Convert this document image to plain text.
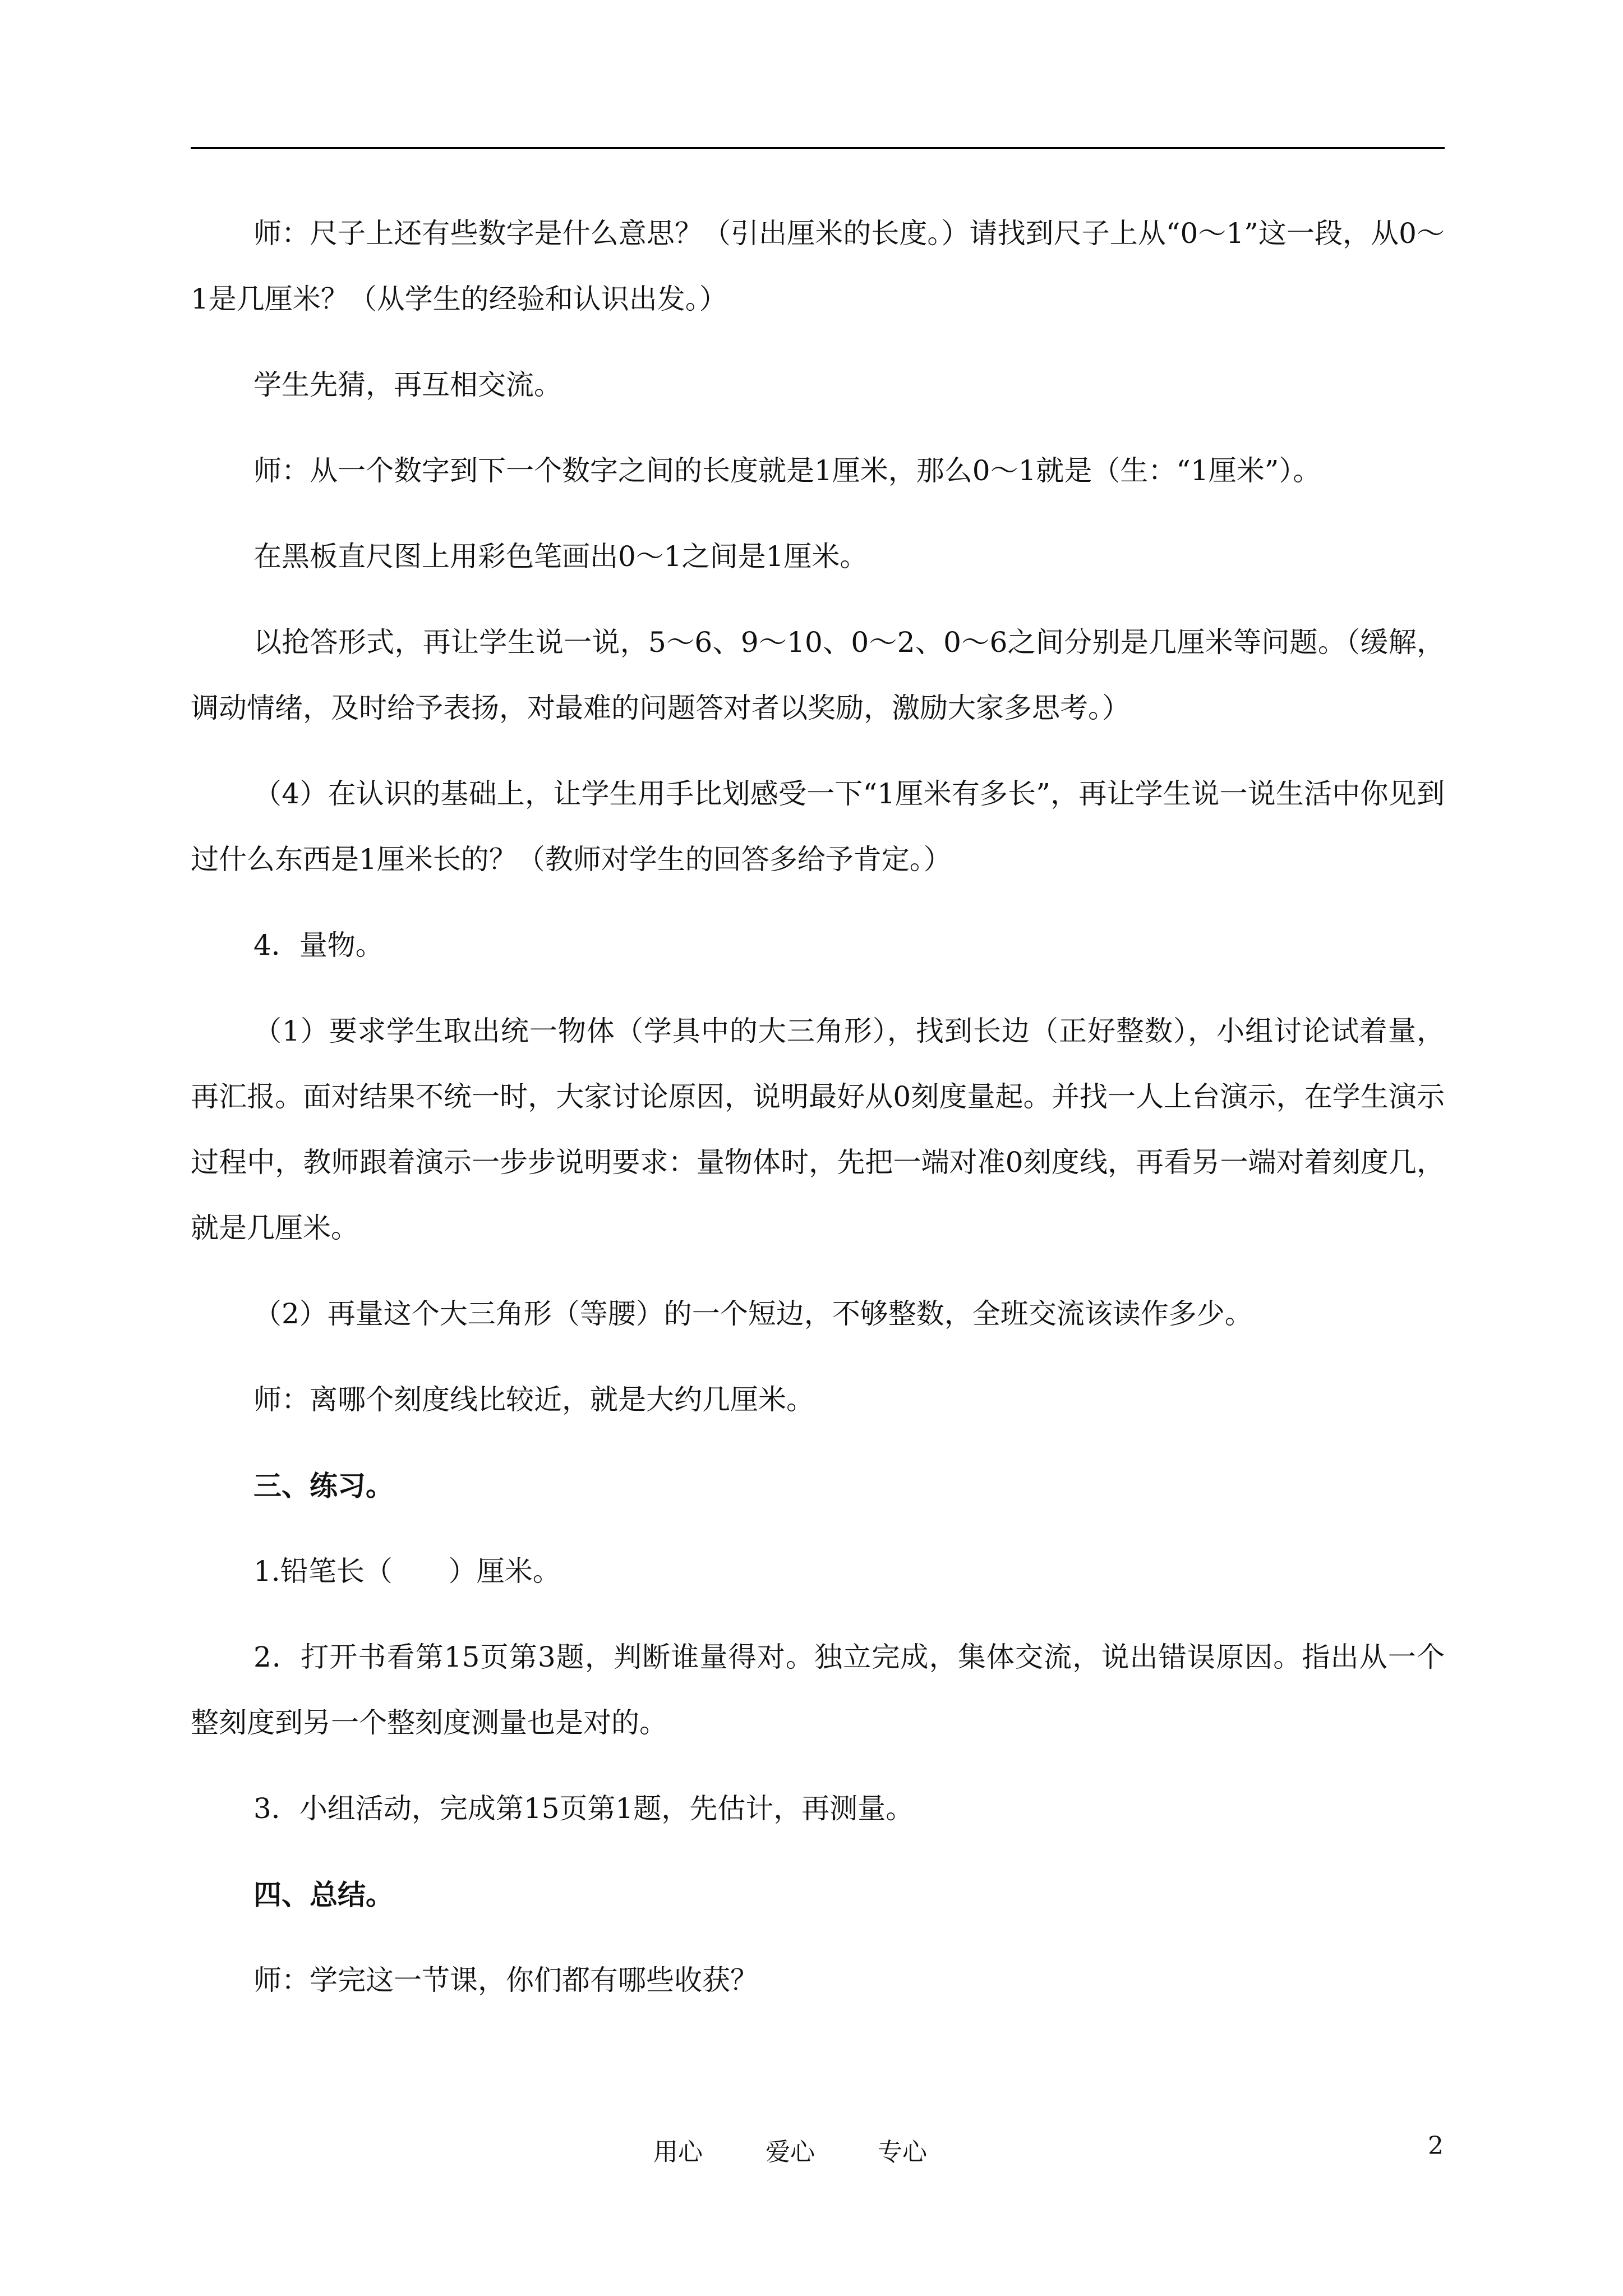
师：尺子上还有些数字是什么意思？（引出厘米的长度。）请找到尺子上从“0～1”这一段，从0～1是几厘米？（从学生的经验和认识出发。）

学生先猜，再互相交流。

师：从一个数字到下一个数字之间的长度就是1厘米，那么0～1就是（生：“1厘米”）。

在黑板直尺图上用彩色笔画出0～1之间是1厘米。

以抢答形式，再让学生说一说，5～6、9～10、0～2、0～6之间分别是几厘米等问题。（缓解，调动情绪，及时给予表扬，对最难的问题答对者以奖励，激励大家多思考。）

（4）在认识的基础上，让学生用手比划感受一下“1厘米有多长”，再让学生说一说生活中你见到过什么东西是1厘米长的？（教师对学生的回答多给予肯定。）

4．量物。

（1）要求学生取出统一物体（学具中的大三角形），找到长边（正好整数），小组讨论试着量，再汇报。面对结果不统一时，大家讨论原因，说明最好从0刻度量起。并找一人上台演示，在学生演示过程中，教师跟着演示一步步说明要求：量物体时，先把一端对准0刻度线，再看另一端对着刻度几，就是几厘米。

（2）再量这个大三角形（等腰）的一个短边，不够整数，全班交流该读作多少。

师：离哪个刻度线比较近，就是大约几厘米。

三、练习。

1.铅笔长（　　）厘米。

2．打开书看第15页第3题，判断谁量得对。独立完成，集体交流，说出错误原因。指出从一个整刻度到另一个整刻度测量也是对的。

3．小组活动，完成第15页第1题，先估计，再测量。

四、总结。

师：学完这一节课，你们都有哪些收获？

用心	爱心	专心	2
